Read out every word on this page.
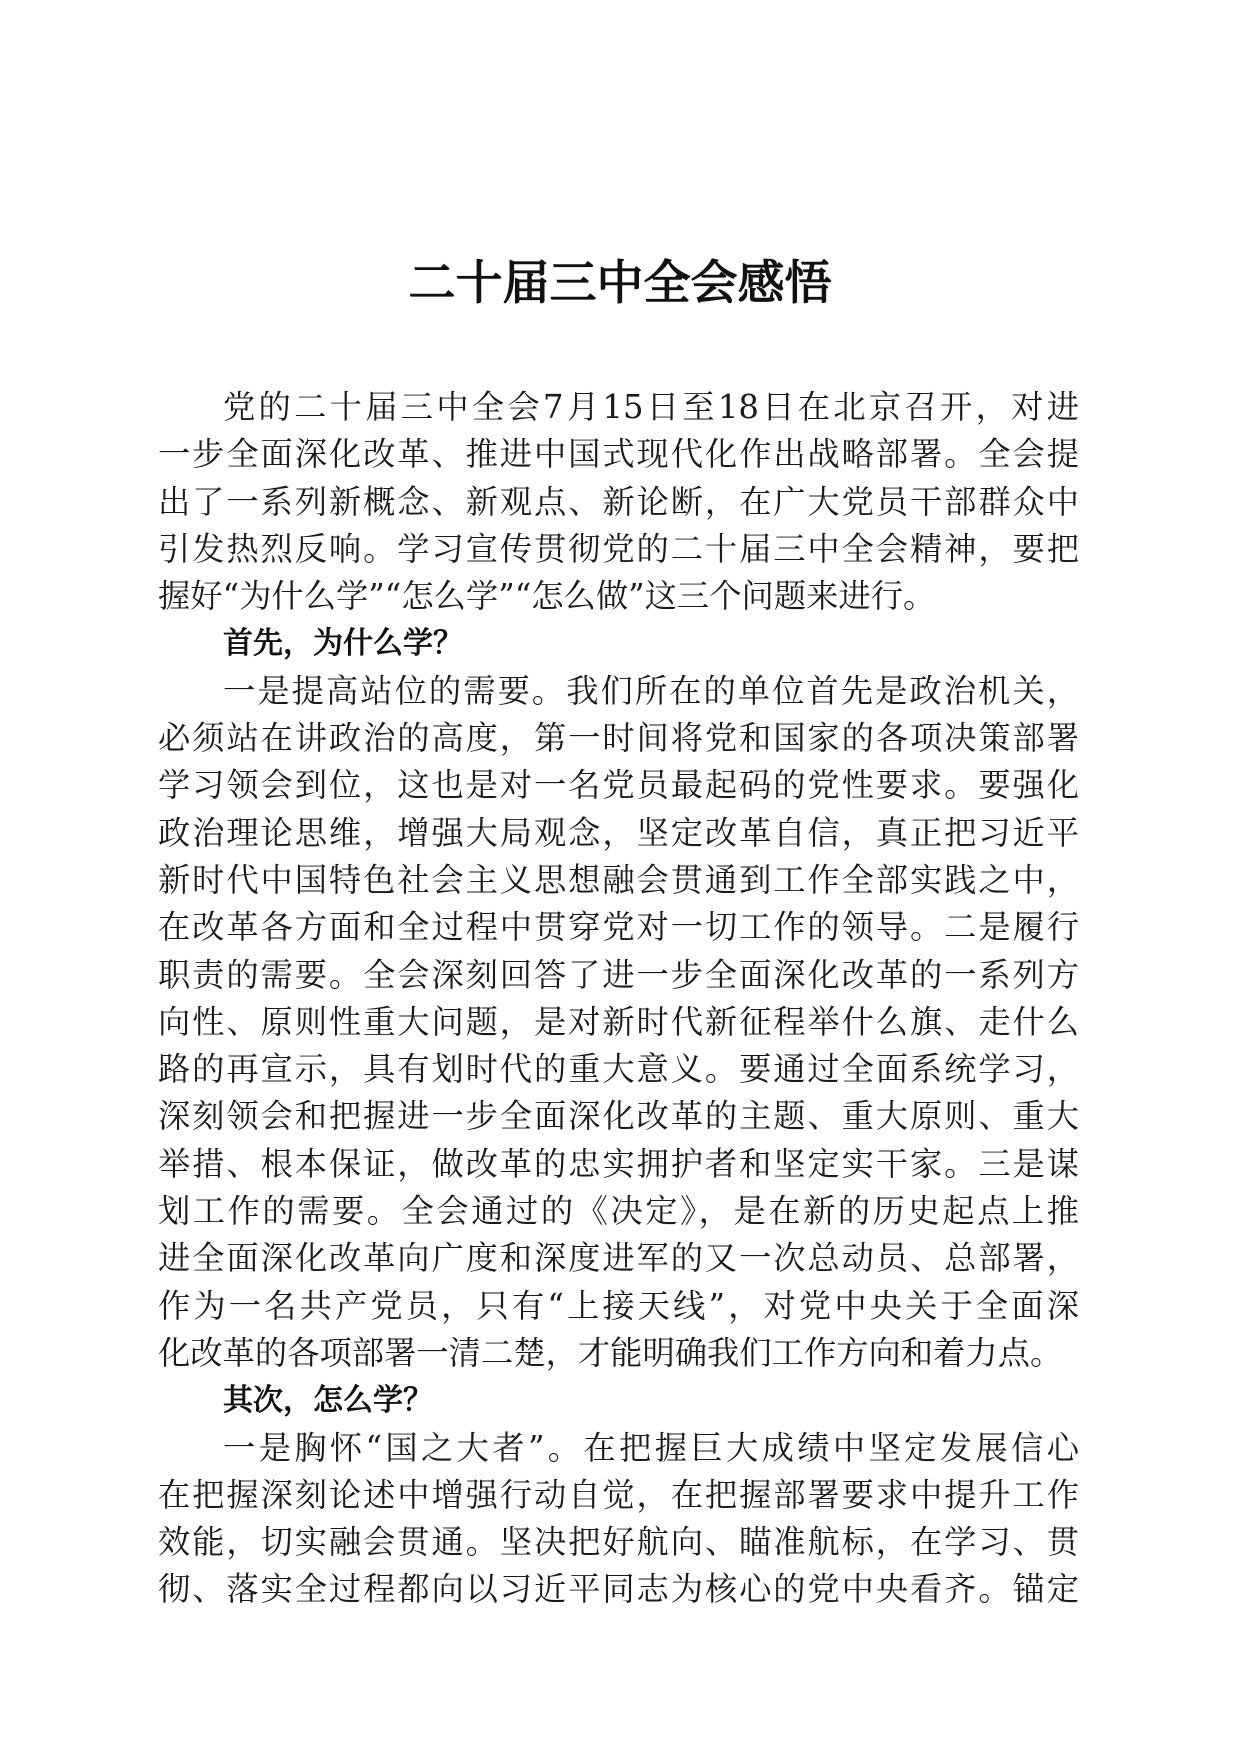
二十届三中全会感悟
党的二十届三中全会7月15日至18日在北京召开，对进
一步全面深化改革、推进中国式现代化作出战略部署。全会提
出了一系列新概念、新观点、新论断，在广大党员干部群众中
引发热烈反响。学习宣传贯彻党的二十届三中全会精神，要把
握好“为什么学”“怎么学”“怎么做”这三个问题来进行。
首先，为什么学？
一是提高站位的需要。我们所在的单位首先是政治机关，
必须站在讲政治的高度，第一时间将党和国家的各项决策部署
学习领会到位，这也是对一名党员最起码的党性要求。要强化
政治理论思维，增强大局观念，坚定改革自信，真正把习近平
新时代中国特色社会主义思想融会贯通到工作全部实践之中，
在改革各方面和全过程中贯穿党对一切工作的领导。二是履行
职责的需要。全会深刻回答了进一步全面深化改革的一系列方
向性、原则性重大问题，是对新时代新征程举什么旗、走什么
路的再宣示，具有划时代的重大意义。要通过全面系统学习，
深刻领会和把握进一步全面深化改革的主题、重大原则、重大
举措、根本保证，做改革的忠实拥护者和坚定实干家。三是谋
划工作的需要。全会通过的《决定》，是在新的历史起点上推
进全面深化改革向广度和深度进军的又一次总动员、总部署，
作为一名共产党员，只有“上接天线”，对党中央关于全面深
化改革的各项部署一清二楚，才能明确我们工作方向和着力点。
其次，怎么学？
一是胸怀“国之大者”。在把握巨大成绩中坚定发展信心
在把握深刻论述中增强行动自觉，在把握部署要求中提升工作
效能，切实融会贯通。坚决把好航向、瞄准航标，在学习、贯
彻、落实全过程都向以习近平同志为核心的党中央看齐。锚定
